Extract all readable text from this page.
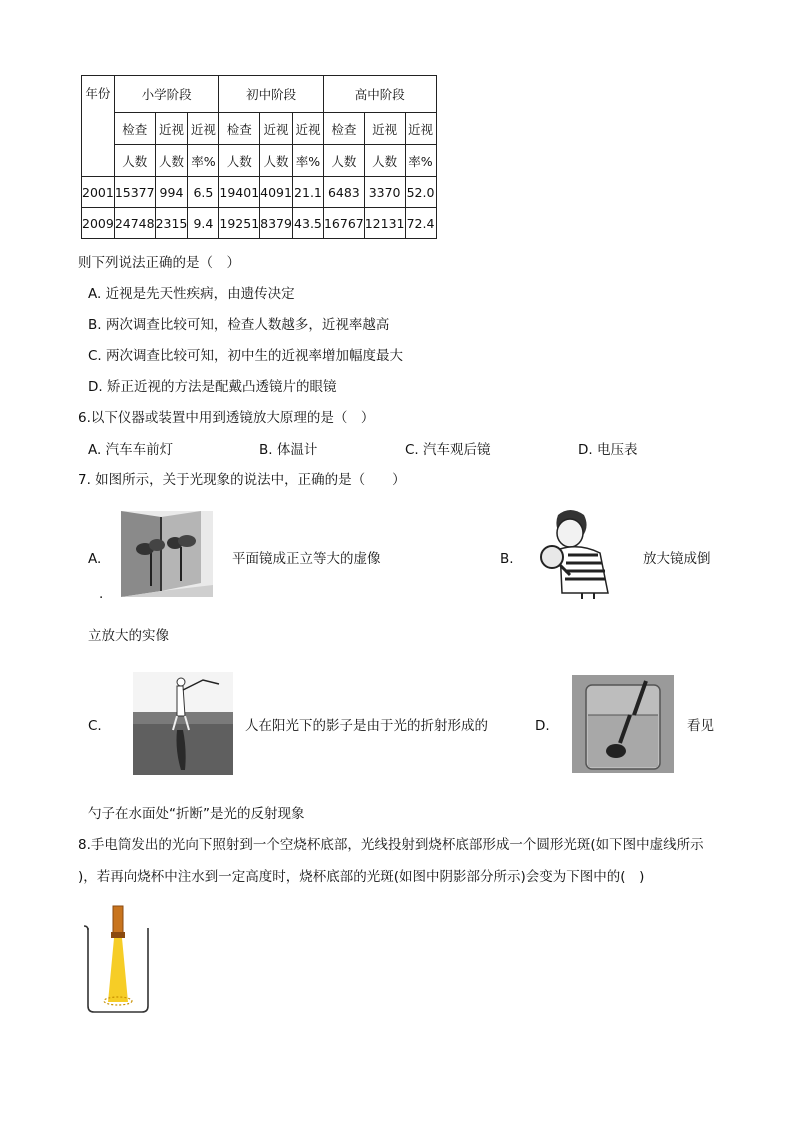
年份	小学阶段			初中阶段			高中阶段		
	检查	近视	近视	检查	近视	近视	检查	近视	近视
	人数	人数	率%	人数	人数	率%	人数	人数	率%
2001	15377	994	6.5	19401	4091	21.1	6483	3370	52.0
2009	24748	2315	9.4	19251	8379	43.5	16767	12131	72.4
则下列说法正确的是（　）
A. 近视是先天性疾病，由遗传决定
B. 两次调查比较可知，检查人数越多，近视率越高
C. 两次调查比较可知，初中生的近视率增加幅度最大
D. 矫正近视的方法是配戴凸透镜片的眼镜
6.以下仪器或装置中用到透镜放大原理的是（　）
A. 汽车车前灯	B. 体温计	C. 汽车观后镜	D. 电压表
7. 如图所示，关于光现象的说法中，正确的是（　　）
A.	平面镜成正立等大的虚像
.
B.	放大镜成倒
立放大的实像
C.	人在阳光下的影子是由于光的折射形成的	D.	看见
勺子在水面处“折断”是光的反射现象
8.手电筒发出的光向下照射到一个空烧杯底部，光线投射到烧杯底部形成一个圆形光斑(如下图中虚线所示
)，若再向烧杯中注水到一定高度时，烧杯底部的光斑(如图中阴影部分所示)会变为下图中的(　)
